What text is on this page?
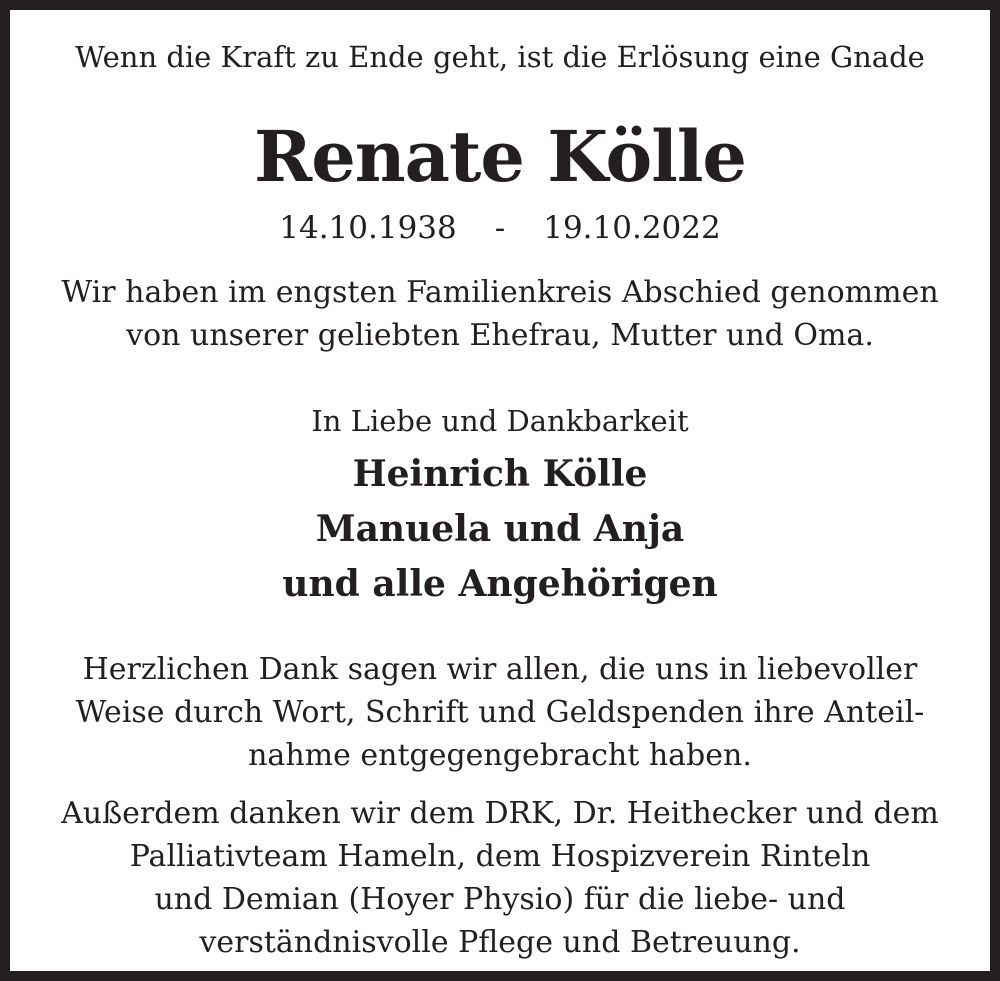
Wenn die Kraft zu Ende geht, ist die Erlösung eine Gnade
Renate Kölle
14.10.1938 - 19.10.2022
Wir haben im engsten Familienkreis Abschied genommen
von unserer geliebten Ehefrau, Mutter und Oma.
In Liebe und Dankbarkeit
Heinrich Kölle
Manuela und Anja
und alle Angehörigen
Herzlichen Dank sagen wir allen, die uns in liebevoller
Weise durch Wort, Schrift und Geldspenden ihre Anteil-
nahme entgegengebracht haben.
Außerdem danken wir dem DRK, Dr. Heithecker und dem
Palliativteam Hameln, dem Hospizverein Rinteln
und Demian (Hoyer Physio) für die liebe- und
verständnisvolle Pflege und Betreuung.
